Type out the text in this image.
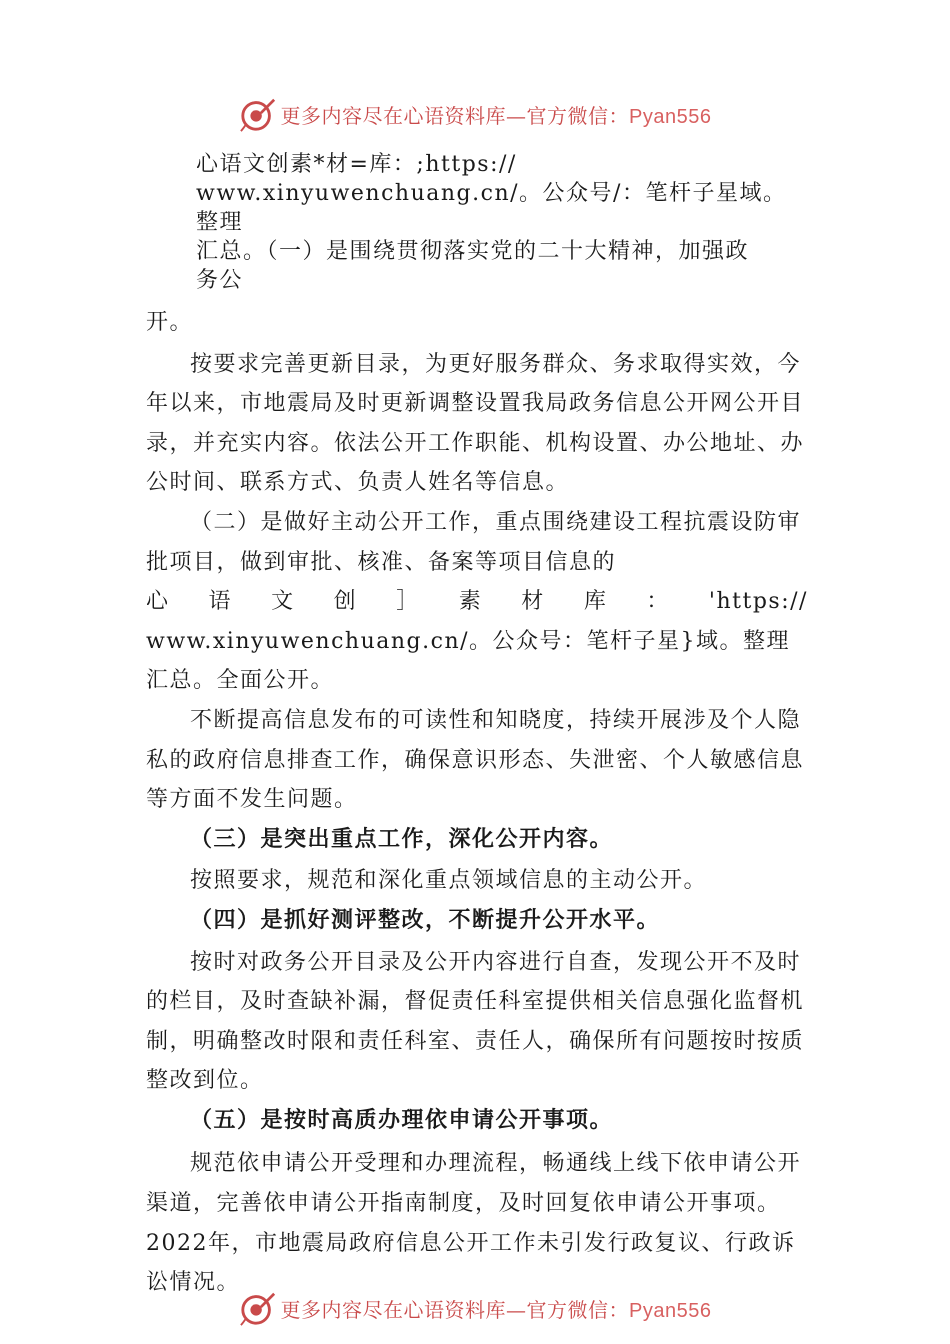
更多内容尽在心语资料库—官方微信：Pyan556
心语文创素*材=库：;https://
www.xinyuwenchuang.cn/。公众号/：笔杆子星域。整理
汇总。（一）是围绕贯彻落实党的二十大精神，加强政
务公
开。

按要求完善更新目录，为更好服务群众、务求取得实效，今年以来，市地震局及时更新调整设置我局政务信息公开网公开目录，并充实内容。依法公开工作职能、机构设置、办公地址、办公时间、联系方式、负责人姓名等信息。

（二）是做好主动公开工作，重点围绕建设工程抗震设防审批项目，做到审批、核准、备案等项目信息的

心 语 文 创 ］ 素 材 库 ： 'https://
www.xinyuwenchuang.cn/。公众号：笔杆子星}域。整理
汇总。全面公开。

不断提高信息发布的可读性和知晓度，持续开展涉及个人隐私的政府信息排查工作，确保意识形态、失泄密、个人敏感信息等方面不发生问题。

（三）是突出重点工作，深化公开内容。

按照要求，规范和深化重点领域信息的主动公开。

（四）是抓好测评整改，不断提升公开水平。

按时对政务公开目录及公开内容进行自查，发现公开不及时的栏目，及时查缺补漏，督促责任科室提供相关信息强化监督机制，明确整改时限和责任科室、责任人，确保所有问题按时按质整改到位。

（五）是按时高质办理依申请公开事项。

规范依申请公开受理和办理流程，畅通线上线下依申请公开渠道，完善依申请公开指南制度，及时回复依申请公开事项。2022年，市地震局政府信息公开工作未引发行政复议、行政诉讼情况。

更多内容尽在心语资料库—官方微信：Pyan556
